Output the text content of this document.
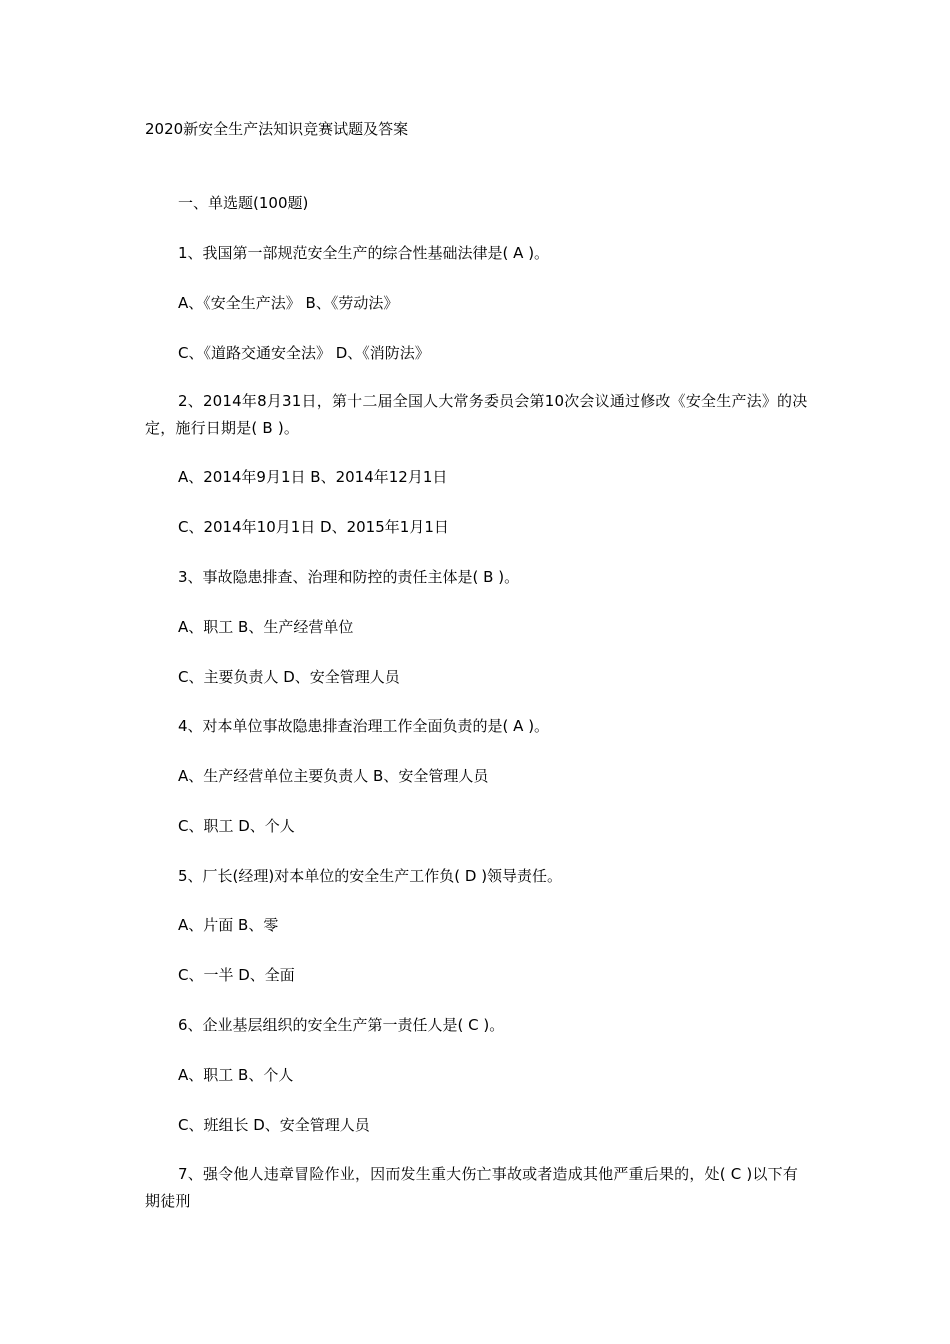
2020新安全生产法知识竞赛试题及答案
一、单选题(100题)
1、我国第一部规范安全生产的综合性基础法律是( A )。
A、《安全生产法》 B、《劳动法》
C、《道路交通安全法》 D、《消防法》
2、2014年8月31日，第十二届全国人大常务委员会第10次会议通过修改《安全生产法》的决定，施行日期是( B )。
A、2014年9月1日 B、2014年12月1日
C、2014年10月1日 D、2015年1月1日
3、事故隐患排查、治理和防控的责任主体是( B )。
A、职工 B、生产经营单位
C、主要负责人 D、安全管理人员
4、对本单位事故隐患排查治理工作全面负责的是( A )。
A、生产经营单位主要负责人 B、安全管理人员
C、职工 D、个人
5、厂长(经理)对本单位的安全生产工作负( D )领导责任。
A、片面 B、零
C、一半 D、全面
6、企业基层组织的安全生产第一责任人是( C )。
A、职工 B、个人
C、班组长 D、安全管理人员
7、强令他人违章冒险作业，因而发生重大伤亡事故或者造成其他严重后果的，处( C )以下有期徒刑
